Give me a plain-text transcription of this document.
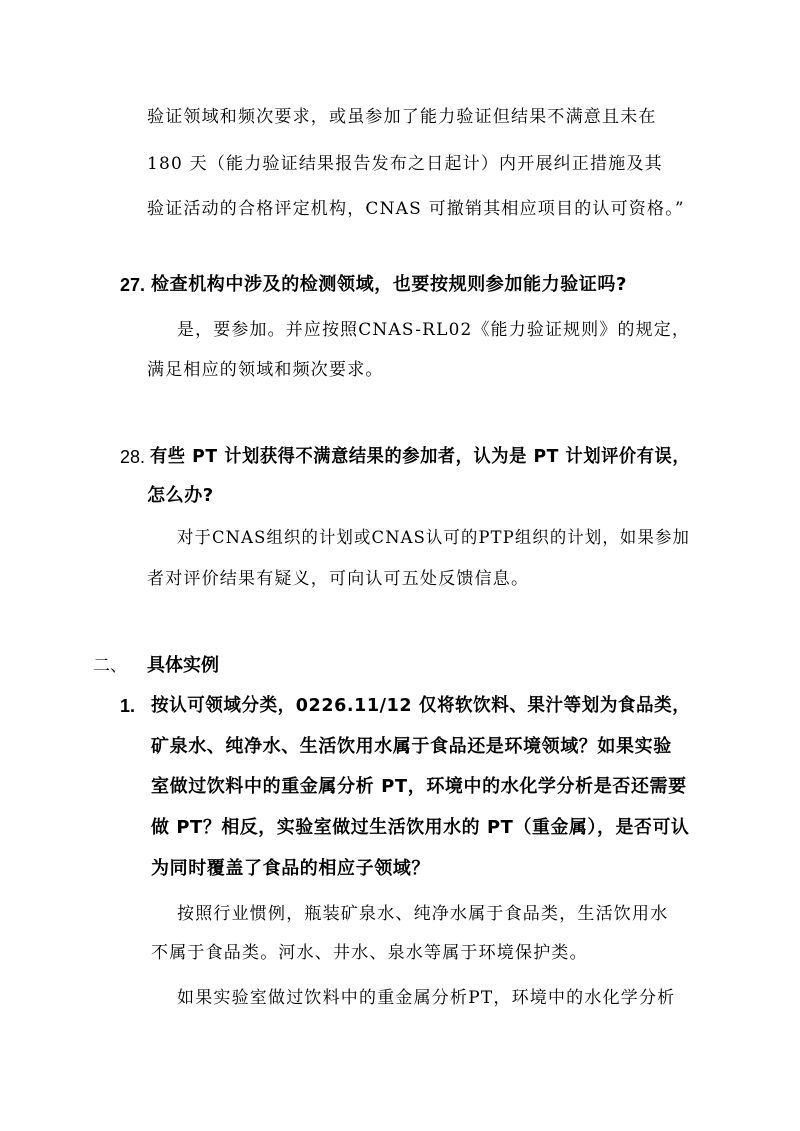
验证领域和频次要求，或虽参加了能力验证但结果不满意且未在
180 天（能力验证结果报告发布之日起计）内开展纠正措施及其
验证活动的合格评定机构，CNAS 可撤销其相应项目的认可资格。”
27. 检查机构中涉及的检测领域，也要按规则参加能力验证吗?
是，要参加。并应按照CNAS-RL02《能力验证规则》的规定，
满足相应的领域和频次要求。
28. 有些 PT 计划获得不满意结果的参加者，认为是 PT 计划评价有误，
怎么办?
对于CNAS组织的计划或CNAS认可的PTP组织的计划，如果参加
者对评价结果有疑义，可向认可五处反馈信息。
二、 具体实例
1. 按认可领域分类，0226.11/12 仅将软饮料、果汁等划为食品类，
矿泉水、纯净水、生活饮用水属于食品还是环境领域？如果实验
室做过饮料中的重金属分析 PT，环境中的水化学分析是否还需要
做 PT？相反，实验室做过生活饮用水的 PT（重金属），是否可认
为同时覆盖了食品的相应子领域？
按照行业惯例，瓶装矿泉水、纯净水属于食品类，生活饮用水
不属于食品类。河水、井水、泉水等属于环境保护类。
如果实验室做过饮料中的重金属分析PT，环境中的水化学分析
